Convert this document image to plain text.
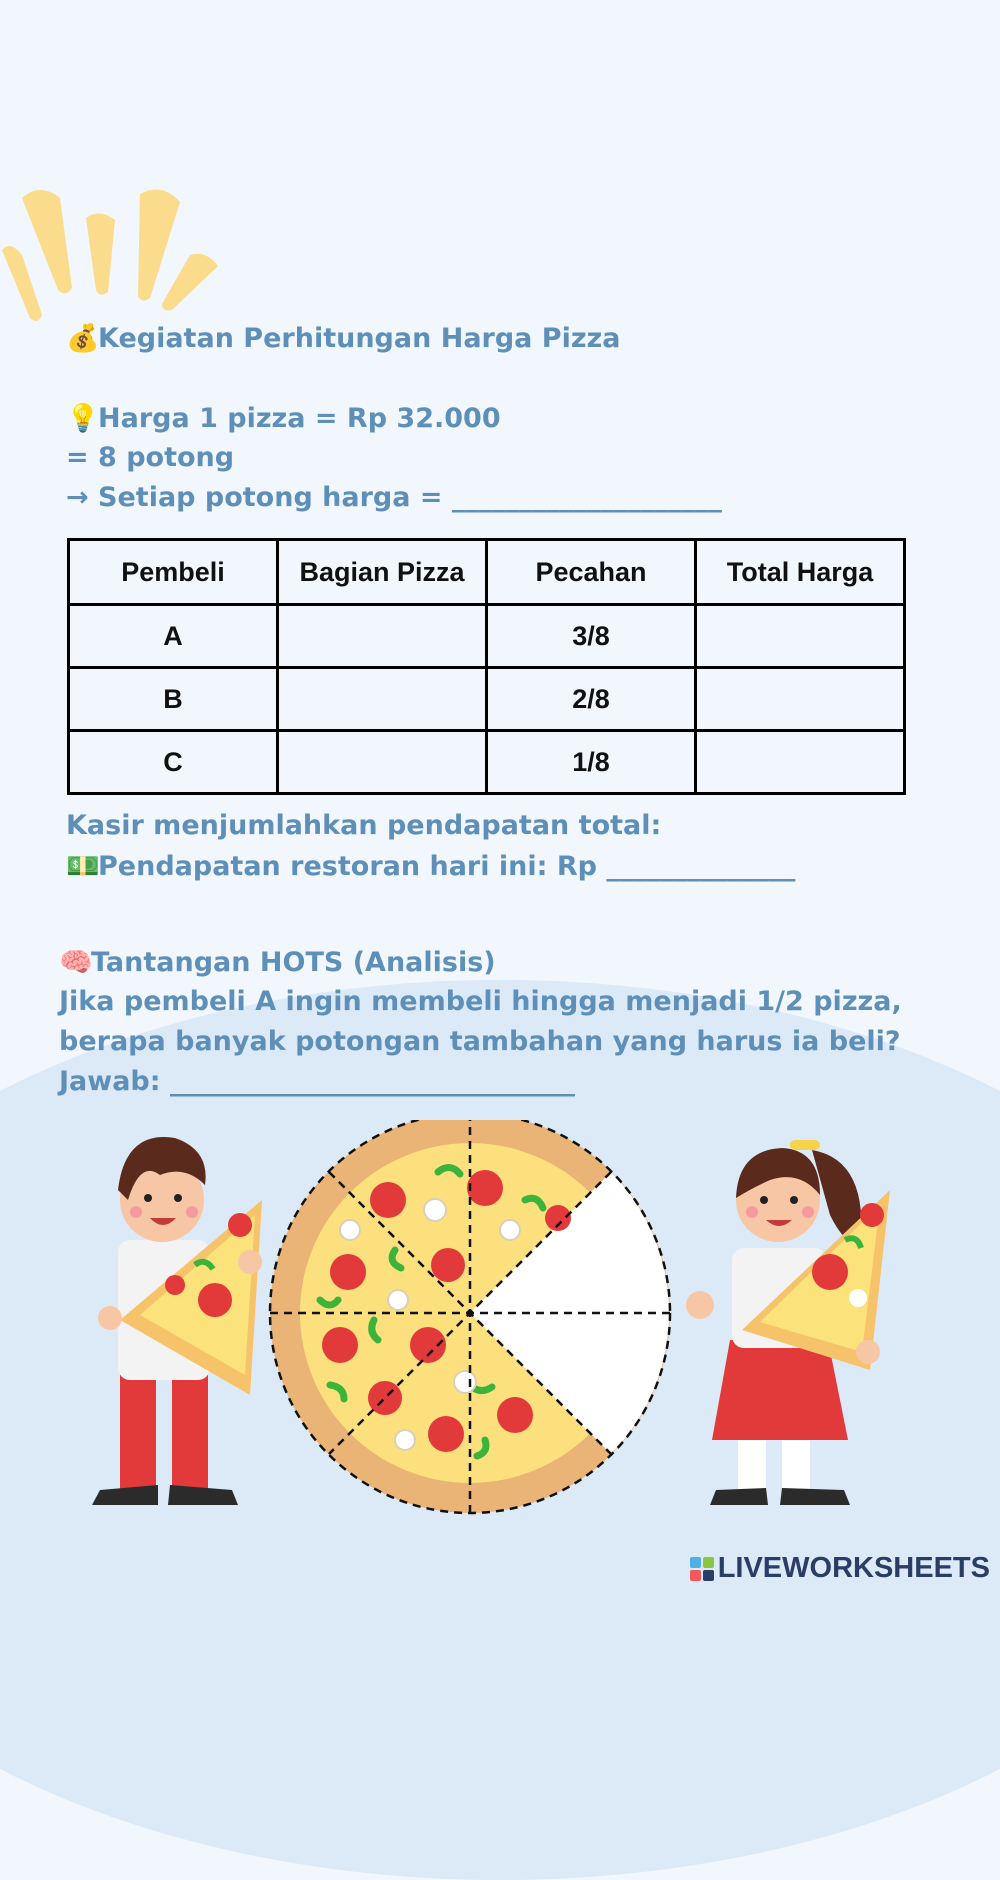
💰Kegiatan Perhitungan Harga Pizza
💡Harga 1 pizza = Rp 32.000
= 8 potong
→ Setiap potong harga = ____________________
Pembeli	Bagian Pizza	Pecahan	Total Harga
A		3/8	
B		2/8	
C		1/8	
Kasir menjumlahkan pendapatan total:
💵Pendapatan restoran hari ini: Rp ______________
🧠Tantangan HOTS (Analisis)
Jika pembeli A ingin membeli hingga menjadi 1/2 pizza,
berapa banyak potongan tambahan yang harus ia beli?
Jawab: ______________________________
LIVEWORKSHEETS
